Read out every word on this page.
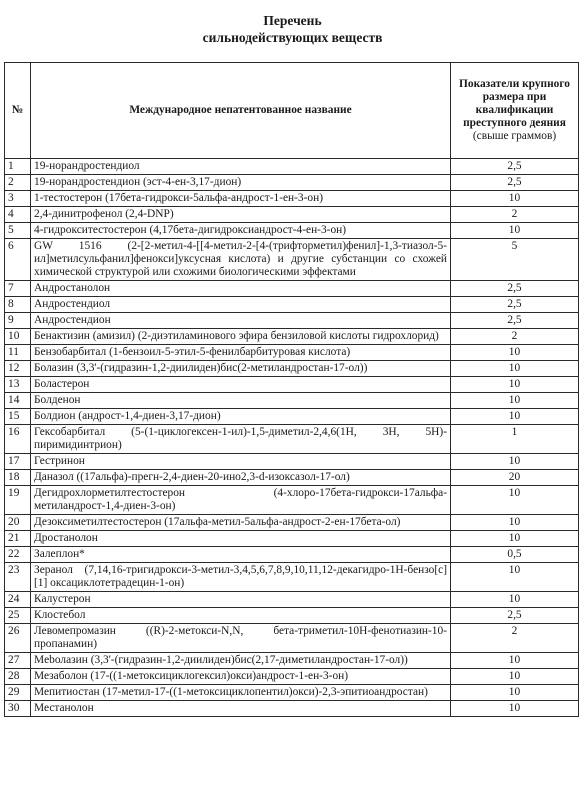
Перечень
сильнодействующих веществ
№	Международное непатентованное название	Показатели крупного размера при квалификации преступного деяния
(свыше граммов)

1	19-норандростендиол	2,5
2	19-норандростендион (эст-4-ен-3,17-дион)	2,5
3	1-тестостерон (17бета-гидрокси-5альфа-андрост-1-ен-3-он)	10
4	2,4-динитрофенол (2,4-DNP)	2
5	4-гидрокситестостерон (4,17бета-дигидроксиандрост-4-ен-3-он)	10
6	GW 1516 (2-[2-метил-4-[[4-метил-2-[4-(трифторметил)фенил]-1,3-тиазол-5-ил]метилсульфанил]фенокси]уксусная кислота) и другие субстанции со схожей химической структурой или схожими биологическими эффектами	5
7	Андростанолон	2,5
8	Андростендиол	2,5
9	Андростендион	2,5
10	Бенактизин (амизил) (2-диэтиламинового эфира бензиловой кислоты гидрохлорид)	2
11	Бензобарбитал (1-бензоил-5-этил-5-фенилбарбитуровая кислота)	10
12	Болазин (3,3'-(гидразин-1,2-диилиден)бис(2-метиландростан-17-ол))	10
13	Боластерон	10
14	Болденон	10
15	Болдион (андрост-1,4-диен-3,17-дион)	10
16	Гексобарбитал (5-(1-циклогексен-1-ил)-1,5-диметил-2,4,6(1H, 3H, 5H)-пиримидинтрион)	1
17	Гестринон	10
18	Даназол ((17альфа)-прегн-2,4-диен-20-ино2,3-d-изоксазол-17-ол)	20
19	Дегидрохлорметилтестостерон (4-хлоро-17бета-гидрокси-17альфа-метиландрост-1,4-диен-3-он)	10
20	Дезоксиметилтестостерон (17альфа-метил-5альфа-андрост-2-ен-17бета-ол)	10
21	Дростанолон	10
22	Залеплон*	0,5
23	Зеранол (7,14,16-тригидрокси-3-метил-3,4,5,6,7,8,9,10,11,12-декагидро-1H-бензо[c][1] оксациклотетрадецин-1-он)	10
24	Калустерон	10
25	Клостебол	2,5
26	Левомепромазин ((R)-2-метокси-N,N, бета-триметил-10H-фенотиазин-10-пропанамин)	2
27	Мebолазин (3,3'-(гидразин-1,2-диилиден)бис(2,17-диметиландростан-17-ол))	10
28	Мезаболон (17-((1-метоксициклогексил)окси)андрост-1-ен-3-он)	10
29	Мепитиостан (17-метил-17-((1-метоксициклопентил)окси)-2,3-эпитиоандростан)	10
30	Местанолон	10
